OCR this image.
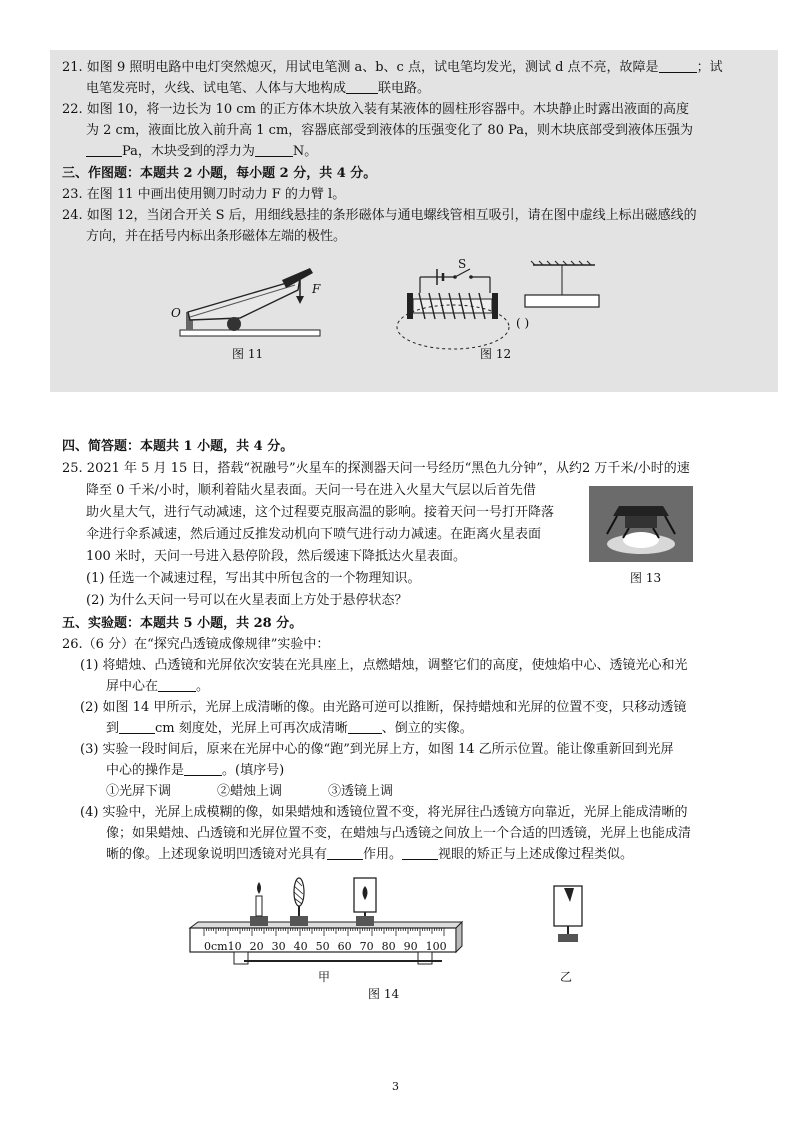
21. 如图 9 照明电路中电灯突然熄灭，用试电笔测 a、b、c 点，试电笔均发光，测试 d 点不亮，故障是	；试
电笔发亮时，火线、试电笔、人体与大地构成 联电路。
22. 如图 10，将一边长为 10 cm 的正方体木块放入装有某液体的圆柱形容器中。木块静止时露出液面的高度
为 2 cm，液面比放入前升高 1 cm，容器底部受到液体的压强变化了 80 Pa，则木块底部受到液体压强为
Pa，木块受到的浮力为	N。
三、作图题：本题共 2 小题，每小题 2 分，共 4 分。
23. 在图 11 中画出使用铡刀时动力 F 的力臂 l。
24. 如图 12，当闭合开关 S 后，用细线悬挂的条形磁体与通电螺线管相互吸引，请在图中虚线上标出磁感线的
方向，并在括号内标出条形磁体左端的极性。
O
F
图 11
S
( )
图 12
四、简答题：本题共 1 小题，共 4 分。
25. 2021 年 5 月 15 日，搭载“祝融号”火星车的探测器天问一号经历“黑色九分钟”，从约2 万千米/小时的速
降至 0 千米/小时，顺利着陆火星表面。天问一号在进入火星大气层以后首先借
助火星大气，进行气动减速，这个过程要克服高温的影响。接着天问一号打开降落
伞进行伞系减速，然后通过反推发动机向下喷气进行动力减速。在距离火星表面
100 米时，天问一号进入悬停阶段，然后缓速下降抵达火星表面。
(1) 任选一个减速过程，写出其中所包含的一个物理知识。
(2) 为什么天问一号可以在火星表面上方处于悬停状态？
图 13
五、实验题：本题共 5 小题，共 28 分。
26.（6 分）在“探究凸透镜成像规律”实验中：
(1) 将蜡烛、凸透镜和光屏依次安装在光具座上，点燃蜡烛，调整它们的高度，使烛焰中心、透镜光心和光
屏中心在	。
(2) 如图 14 甲所示，光屏上成清晰的像。由光路可逆可以推断，保持蜡烛和光屏的位置不变，只移动透镜
到	cm 刻度处，光屏上可再次成清晰	、倒立的实像。
(3) 实验一段时间后，原来在光屏中心的像“跑”到光屏上方，如图 14 乙所示位置。能让像重新回到光屏
中心的操作是	。(填序号)
①光屏下调	②蜡烛上调	③透镜上调
(4) 实验中，光屏上成模糊的像，如果蜡烛和透镜位置不变，将光屏往凸透镜方向靠近，光屏上能成清晰的
像；如果蜡烛、凸透镜和光屏位置不变，在蜡烛与凸透镜之间放上一个合适的凹透镜，光屏上也能成清
晰的像。上述现象说明凹透镜对光具有	作用。	视眼的矫正与上述成像过程类似。
0cm10 20 30 40 50 60 70 80 90 100
甲	乙
图 14
3
